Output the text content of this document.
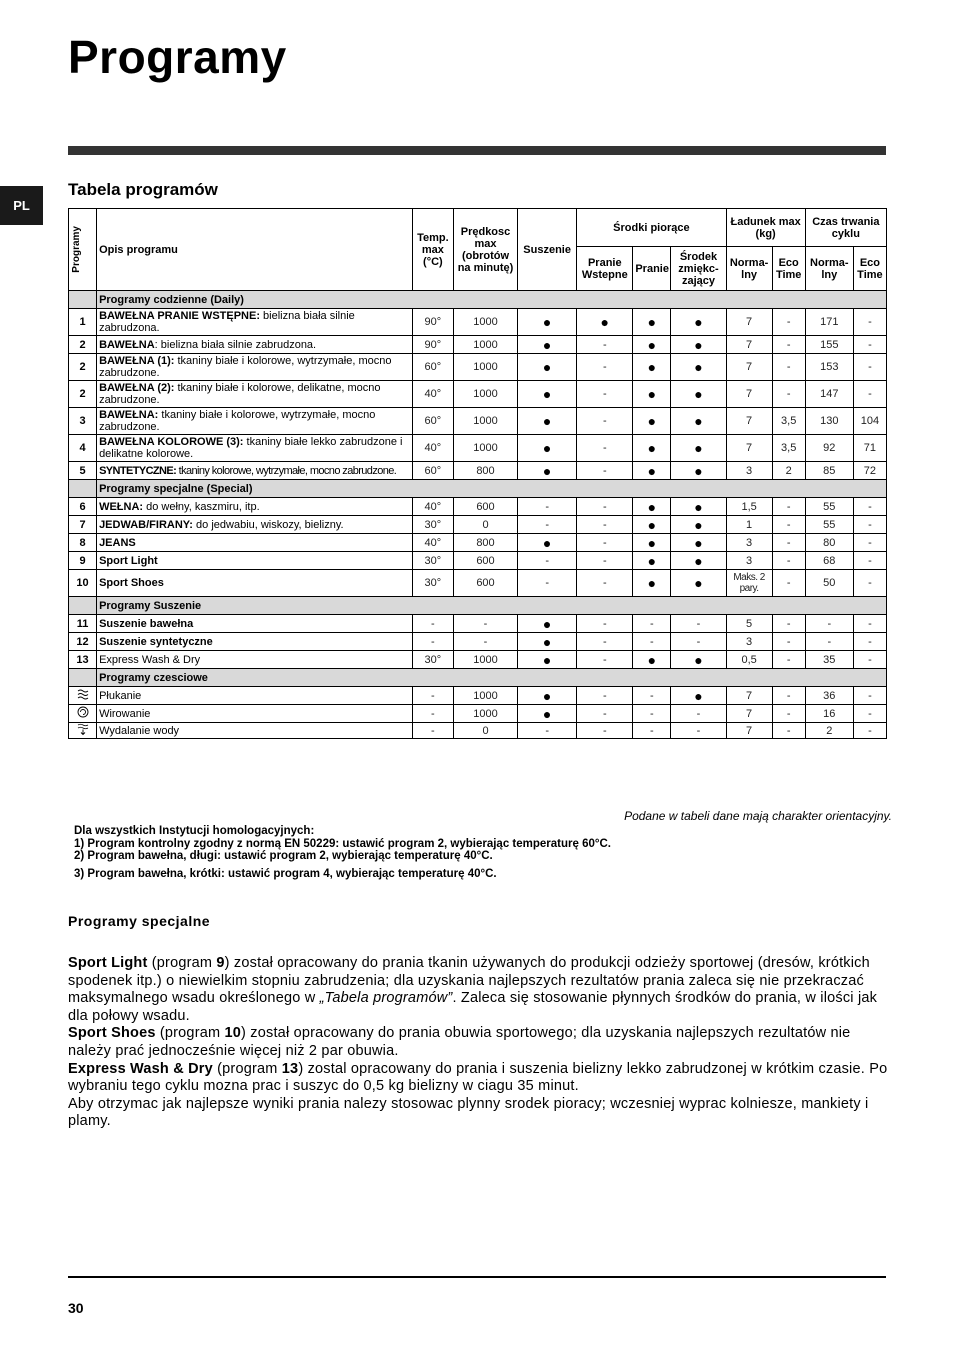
Programy
PL
Tabela programów
Programy	Opis programu	Temp. max (°C)	Prędkosc max (obrotów na minutę)	Suszenie	Środki piorące			Ładunek max (kg)		Czas trwania cyklu	
					Pranie Wstepne	Pranie	Środek zmiękc-zający	Norma-lny	Eco Time	Norma-lny	Eco Time
	Programy codzienne (Daily)										
1	BAWEŁNA PRANIE WSTĘPNE: bielizna biała silnie zabrudzona.	90°	1000	●	●	●	●	7	-	171	-
2	BAWEŁNA: bielizna biała silnie zabrudzona.	90°	1000	●	-	●	●	7	-	155	-
2	BAWEŁNA (1): tkaniny białe i kolorowe, wytrzymałe, mocno zabrudzone.	60°	1000	●	-	●	●	7	-	153	-
2	BAWEŁNA (2): tkaniny białe i kolorowe, delikatne, mocno zabrudzone.	40°	1000	●	-	●	●	7	-	147	-
3	BAWEŁNA: tkaniny białe i kolorowe, wytrzymałe, mocno zabrudzone.	60°	1000	●	-	●	●	7	3,5	130	104
4	BAWEŁNA KOLOROWE (3): tkaniny białe lekko zabrudzone i delikatne kolorowe.	40°	1000	●	-	●	●	7	3,5	92	71
5	SYNTETYCZNE: tkaniny kolorowe, wytrzymałe, mocno zabrudzone.	60°	800	●	-	●	●	3	2	85	72
	Programy specjalne (Special)										
6	WEŁNA: do wełny, kaszmiru, itp.	40°	600	-	-	●	●	1,5	-	55	-
7	JEDWAB/FIRANY: do jedwabiu, wiskozy, bielizny.	30°	0	-	-	●	●	1	-	55	-
8	JEANS	40°	800	●	-	●	●	3	-	80	-
9	Sport Light	30°	600	-	-	●	●	3	-	68	-
10	Sport Shoes	30°	600	-	-	●	●	Maks. 2 pary.	-	50	-
	Programy Suszenie										
11	Suszenie bawełna	-	-	●	-	-	-	5	-	-	-
12	Suszenie syntetyczne	-	-	●	-	-	-	3	-	-	-
13	Express Wash & Dry	30°	1000	●	-	●	●	0,5	-	35	-
	Programy czesciowe										
	Płukanie	-	1000	●	-	-	●	7	-	36	-
	Wirowanie	-	1000	●	-	-	-	7	-	16	-
	Wydalanie wody	-	0	-	-	-	-	7	-	2	-
Podane w tabeli dane mają charakter orientacyjny.
Dla wszystkich Instytucji homologacyjnych:
1) Program kontrolny zgodny z normą EN 50229: ustawić program 2, wybierając temperaturę 60°C.
2) Program bawełna, długi: ustawić program 2, wybierając temperaturę 40°C.
3) Program bawełna, krótki: ustawić program 4, wybierając temperaturę 40°C.
Programy specjalne

Sport Light (program 9) został opracowany do prania tkanin używanych do produkcji odzieży sportowej (dresów, krótkich spodenek itp.) o niewielkim stopniu zabrudzenia; dla uzyskania najlepszych rezultatów prania zaleca się nie przekraczać maksymalnego wsadu określonego w „Tabela programów”. Zaleca się stosowanie płynnych środków do prania, w ilości jak dla połowy wsadu.

Sport Shoes (program 10) został opracowany do prania obuwia sportowego; dla uzyskania najlepszych rezultatów nie należy prać jednocześnie więcej niż 2 par obuwia.

Express Wash & Dry (program 13) zostal opracowany do prania i suszenia bielizny lekko zabrudzonej w krótkim czasie. Po wybraniu tego cyklu mozna prac i suszyc do 0,5 kg bielizny w ciagu 35 minut.

Aby otrzymac jak najlepsze wyniki prania nalezy stosowac plynny srodek pioracy; wczesniej wyprac kolniesze, mankiety i plamy.

30
